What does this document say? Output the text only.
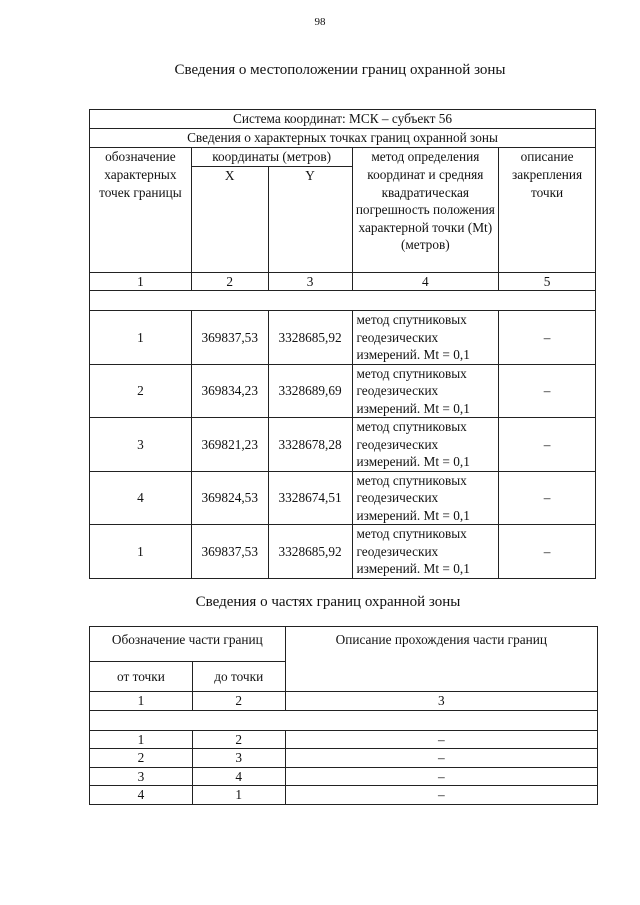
98
Сведения о местоположении границ охранной зоны
Система координат: МСК – субъект 56				
Сведения о характерных точках границ охранной зоны				
обозначение	координаты (метров)		метод определения	описание
характерных точек границы	X	Y	координат и средняя квадратическая погрешность положения характерной точки (Mt) (метров)	закрепления точки
1	2	3	4	5

1	369837,53	3328685,92	метод спутниковых геодезических измерений. Mt = 0,1	–
2	369834,23	3328689,69	метод спутниковых геодезических измерений. Mt = 0,1	–
3	369821,23	3328678,28	метод спутниковых геодезических измерений. Mt = 0,1	–
4	369824,53	3328674,51	метод спутниковых геодезических измерений. Mt = 0,1	–
1	369837,53	3328685,92	метод спутниковых геодезических измерений. Mt = 0,1	–
Сведения о частях границ охранной зоны
Обозначение части границ		Описание прохождения части границ
от точки	до точки	
1	2	3

1	2	–
2	3	–
3	4	–
4	1	–
